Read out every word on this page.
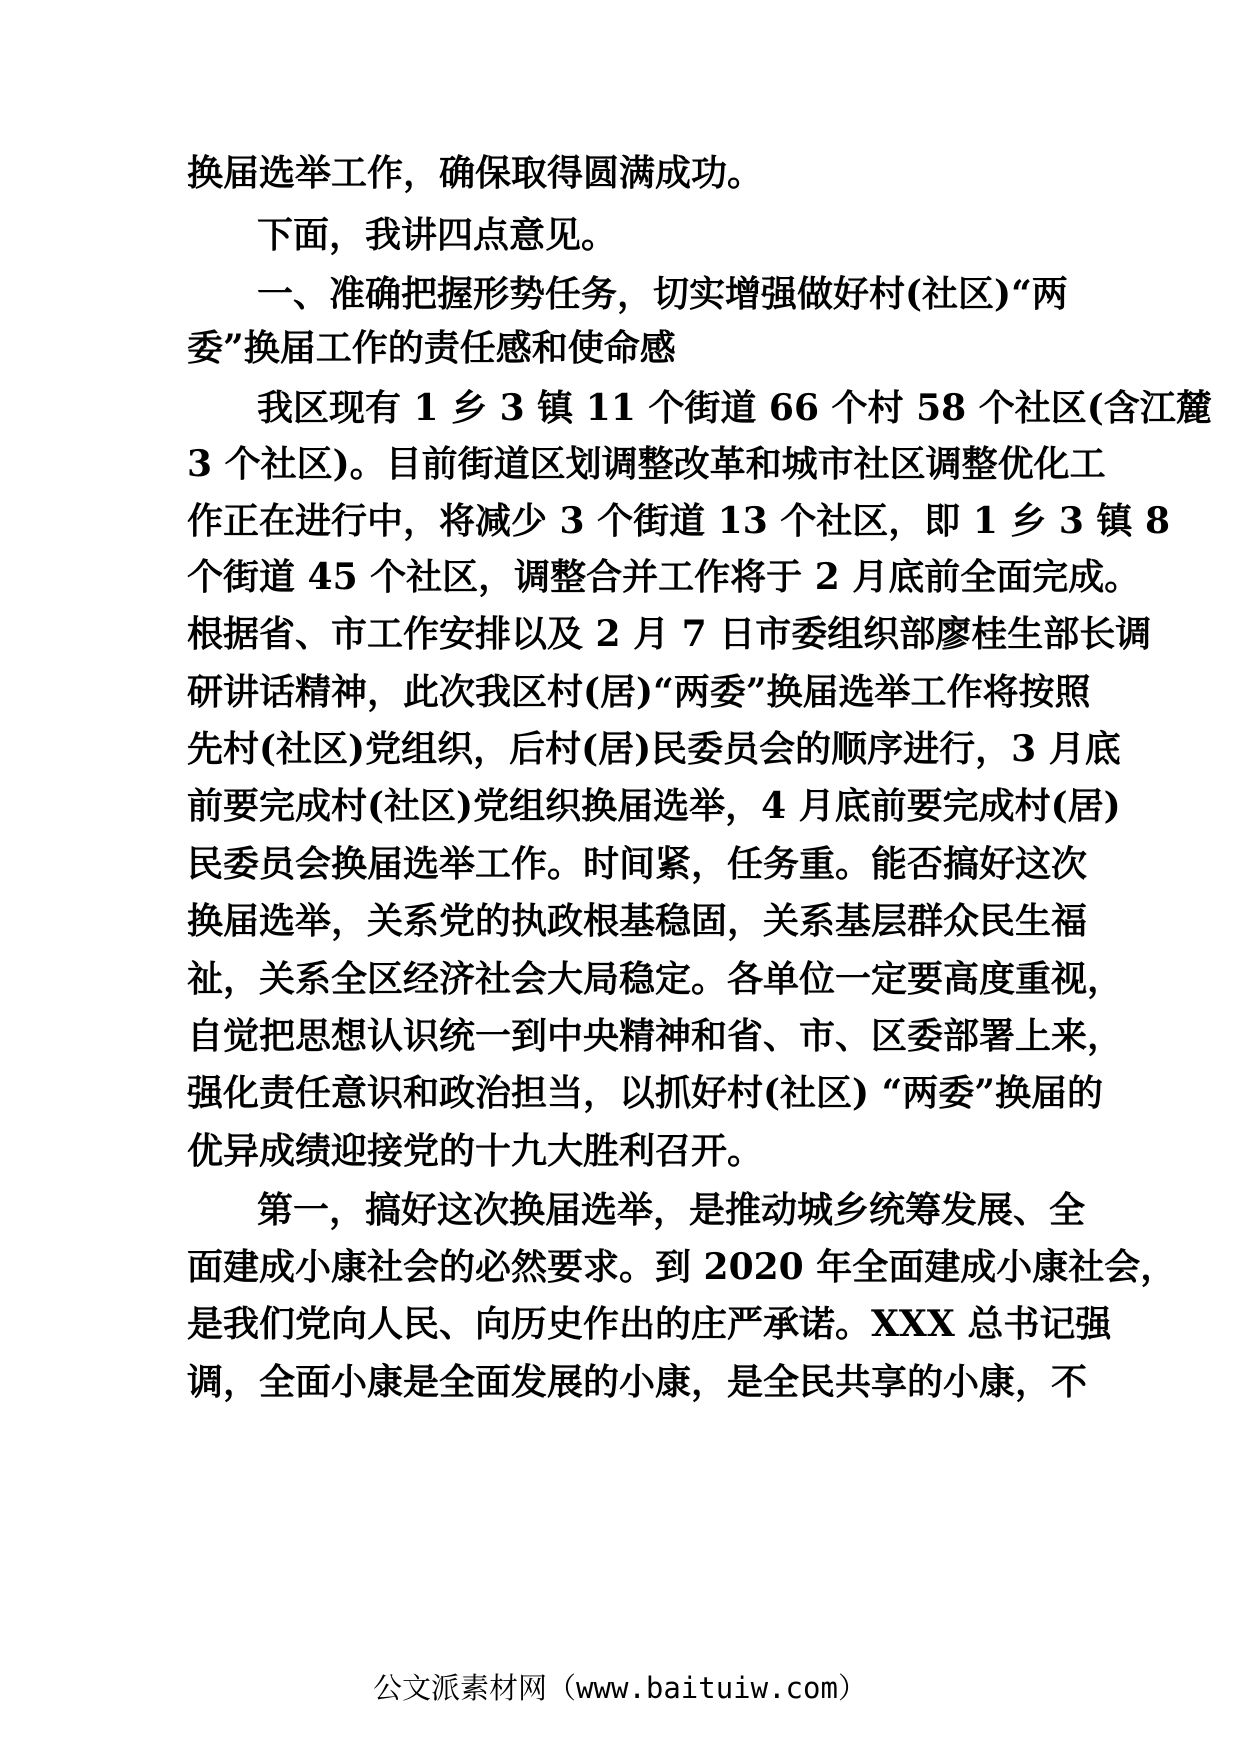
换届选举工作，确保取得圆满成功。
下面，我讲四点意见。
一、准确把握形势任务，切实增强做好村(社区)“两
委”换届工作的责任感和使命感
我区现有 1 乡 3 镇 11 个街道 66 个村 58 个社区(含江麓
3 个社区)。目前街道区划调整改革和城市社区调整优化工
作正在进行中，将减少 3 个街道 13 个社区，即 1 乡 3 镇 8
个街道 45 个社区，调整合并工作将于 2 月底前全面完成。
根据省、市工作安排以及 2 月 7 日市委组织部廖桂生部长调
研讲话精神，此次我区村(居)“两委”换届选举工作将按照
先村(社区)党组织，后村(居)民委员会的顺序进行，3 月底
前要完成村(社区)党组织换届选举，4 月底前要完成村(居)
民委员会换届选举工作。时间紧，任务重。能否搞好这次
换届选举，关系党的执政根基稳固，关系基层群众民生福
祉，关系全区经济社会大局稳定。各单位一定要高度重视，
自觉把思想认识统一到中央精神和省、市、区委部署上来，
强化责任意识和政治担当，以抓好村(社区) “两委”换届的
优异成绩迎接党的十九大胜利召开。
第一，搞好这次换届选举，是推动城乡统筹发展、全
面建成小康社会的必然要求。到 2020 年全面建成小康社会，
是我们党向人民、向历史作出的庄严承诺。XXX 总书记强
调，全面小康是全面发展的小康，是全民共享的小康，不
公文派素材网（www.baituiw.com）
